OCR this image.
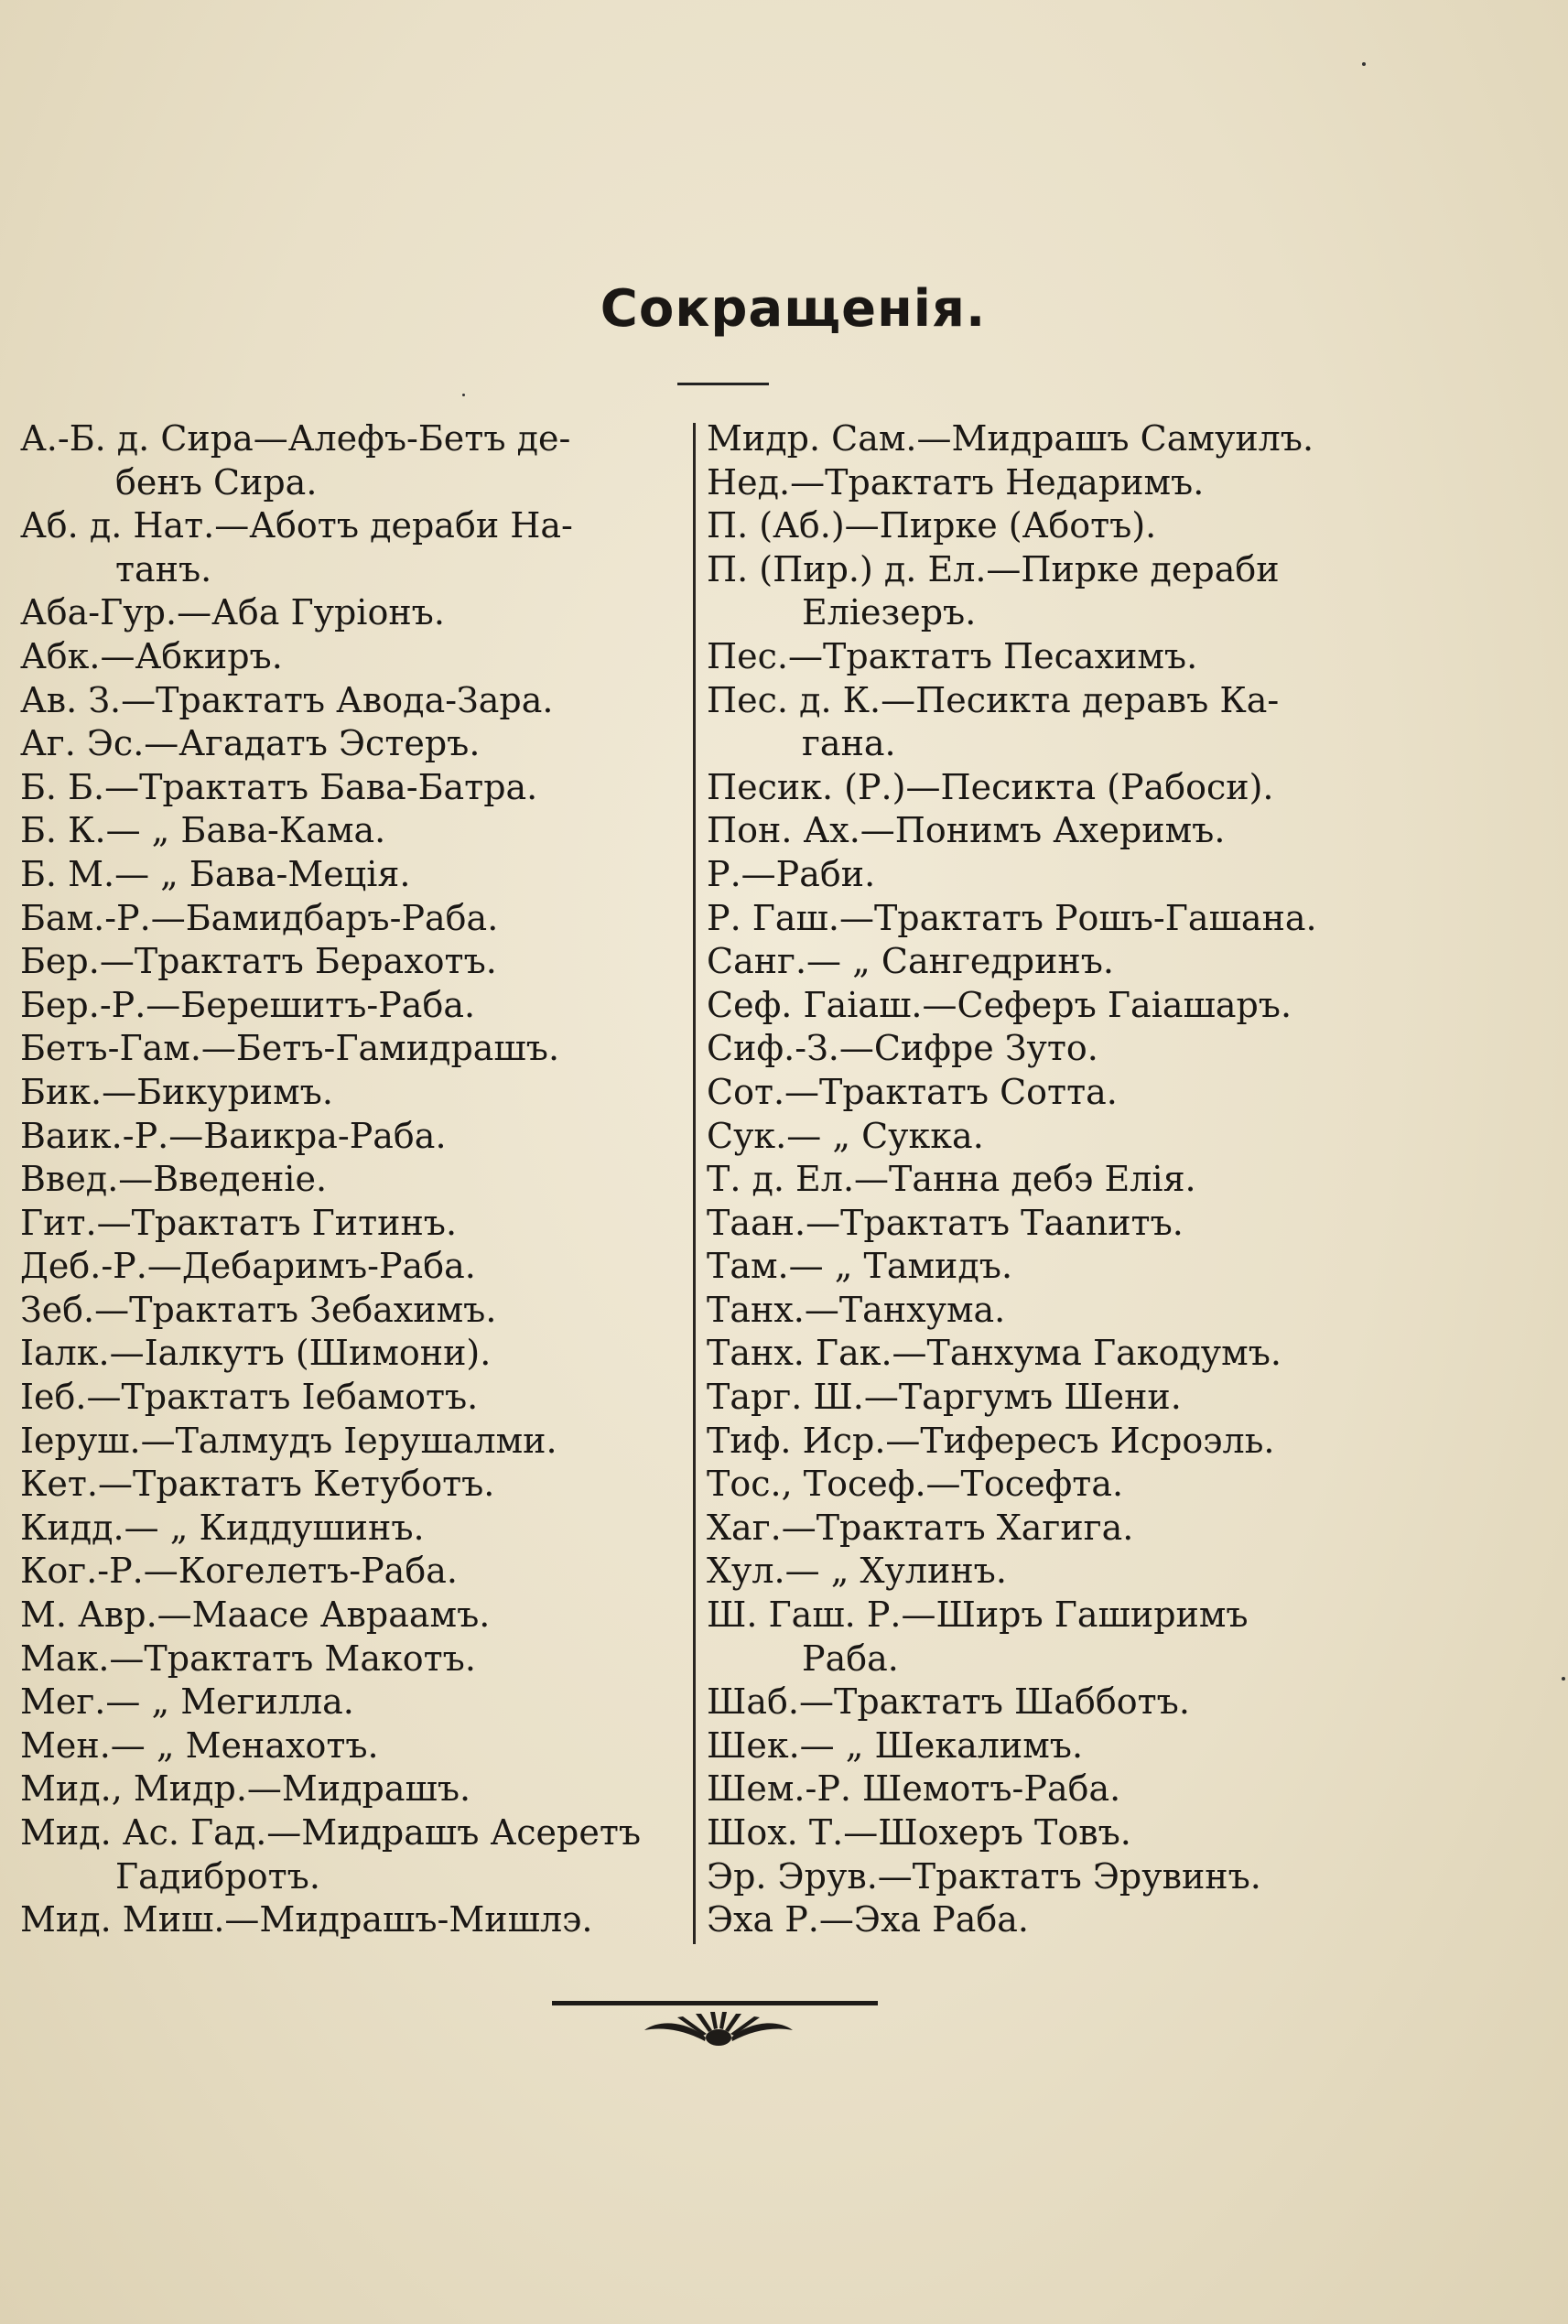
Сокращенія.
А.-Б. д. Сира—Алефъ-Бетъ де-
бенъ Сира.
Аб. д. Нат.—Аботъ дераби На-
танъ.
Аба-Гур.—Аба Гуріонъ.
Абк.—Абкиръ.
Ав. З.—Трактатъ Авода-Зара.
Аг. Эс.—Агадатъ Эстеръ.
Б. Б.—Трактатъ Бава-Батра.
Б. К.— „ Бава-Кама.
Б. М.— „ Бава-Меція.
Бам.-Р.—Бамидбаръ-Раба.
Бер.—Трактатъ Берахотъ.
Бер.-Р.—Берешитъ-Раба.
Бетъ-Гам.—Бетъ-Гамидрашъ.
Бик.—Бикуримъ.
Ваик.-Р.—Ваикра-Раба.
Введ.—Введеніе.
Гит.—Трактатъ Гитинъ.
Деб.-Р.—Дебаримъ-Раба.
Зеб.—Трактатъ Зебахимъ.
Іалк.—Іалкутъ (Шимони).
Іеб.—Трактатъ Іебамотъ.
Іеруш.—Талмудъ Іерушалми.
Кет.—Трактатъ Кетуботъ.
Кидд.— „ Киддушинъ.
Ког.-Р.—Когелетъ-Раба.
М. Авр.—Маасе Авраамъ.
Мак.—Трактатъ Макотъ.
Мег.— „ Мегилла.
Мен.— „ Менахотъ.
Мид., Мидр.—Мидрашъ.
Мид. Ас. Гад.—Мидрашъ Асеретъ
Гадибротъ.
Мид. Миш.—Мидрашъ-Мишлэ.
Мидр. Сам.—Мидрашъ Самуилъ.
Нед.—Трактатъ Недаримъ.
П. (Аб.)—Пирке (Аботъ).
П. (Пир.) д. Ел.—Пирке дераби
Еліезеръ.
Пес.—Трактатъ Песахимъ.
Пес. д. К.—Песикта деравъ Ка-
гана.
Песик. (Р.)—Песикта (Рабоси).
Пон. Ах.—Понимъ Ахеримъ.
Р.—Раби.
Р. Гаш.—Трактатъ Рошъ-Гашана.
Санг.— „ Сангедринъ.
Сеф. Гаіаш.—Сеферъ Гаіашаръ.
Сиф.-З.—Сифре Зуто.
Сот.—Трактатъ Сотта.
Сук.— „ Сукка.
Т. д. Ел.—Танна дебэ Елія.
Таан.—Трактатъ Тааnитъ.
Там.— „ Тамидъ.
Танх.—Танхума.
Танх. Гак.—Танхума Гакодумъ.
Тарг. Ш.—Таргумъ Шени.
Тиф. Иср.—Тифересъ Исроэль.
Тос., Тосеф.—Тосефта.
Хаг.—Трактатъ Хагига.
Хул.— „ Хулинъ.
Ш. Гаш. Р.—Ширъ Гаширимъ
Раба.
Шаб.—Трактатъ Шабботъ.
Шек.— „ Шекалимъ.
Шем.-Р. Шемотъ-Раба.
Шох. Т.—Шохеръ Товъ.
Эр. Эрув.—Трактатъ Эрувинъ.
Эха Р.—Эха Раба.
